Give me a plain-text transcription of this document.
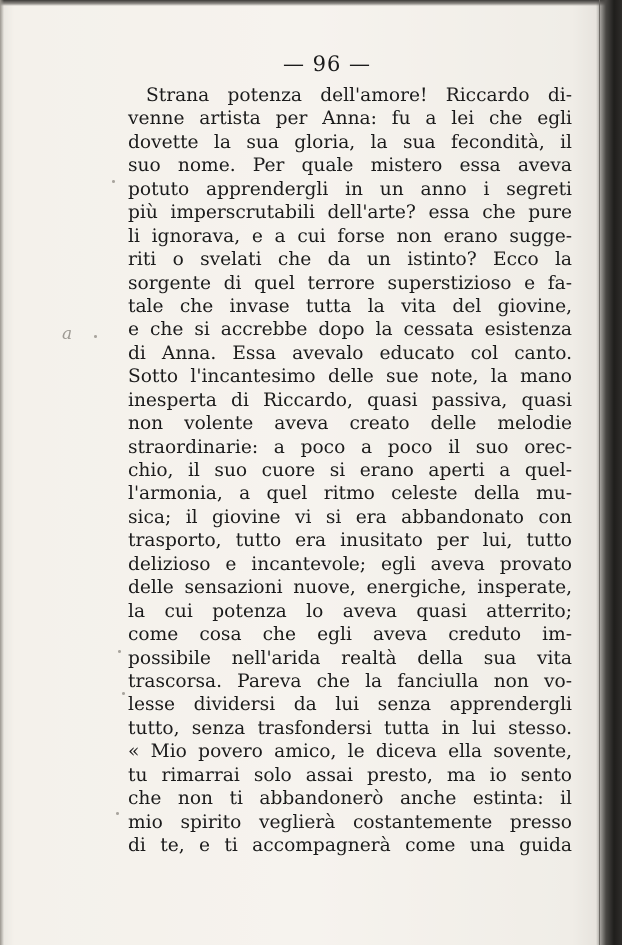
— 96 —
a
Strana potenza dell'amore! Riccardo di-
venne artista per Anna: fu a lei che egli
dovette la sua gloria, la sua fecondità, il
suo nome. Per quale mistero essa aveva
potuto apprendergli in un anno i segreti
più imperscrutabili dell'arte? essa che pure
li ignorava, e a cui forse non erano sugge-
riti o svelati che da un istinto? Ecco la
sorgente di quel terrore superstizioso e fa-
tale che invase tutta la vita del giovine,
e che si accrebbe dopo la cessata esistenza
di Anna. Essa avevalo educato col canto.
Sotto l'incantesimo delle sue note, la mano
inesperta di Riccardo, quasi passiva, quasi
non volente aveva creato delle melodie
straordinarie: a poco a poco il suo orec-
chio, il suo cuore si erano aperti a quel-
l'armonia, a quel ritmo celeste della mu-
sica; il giovine vi si era abbandonato con
trasporto, tutto era inusitato per lui, tutto
delizioso e incantevole; egli aveva provato
delle sensazioni nuove, energiche, insperate,
la cui potenza lo aveva quasi atterrito;
come cosa che egli aveva creduto im-
possibile nell'arida realtà della sua vita
trascorsa. Pareva che la fanciulla non vo-
lesse dividersi da lui senza apprendergli
tutto, senza trasfondersi tutta in lui stesso.
« Mio povero amico, le diceva ella sovente,
tu rimarrai solo assai presto, ma io sento
che non ti abbandonerò anche estinta: il
mio spirito veglierà costantemente presso
di te, e ti accompagnerà come una guida
